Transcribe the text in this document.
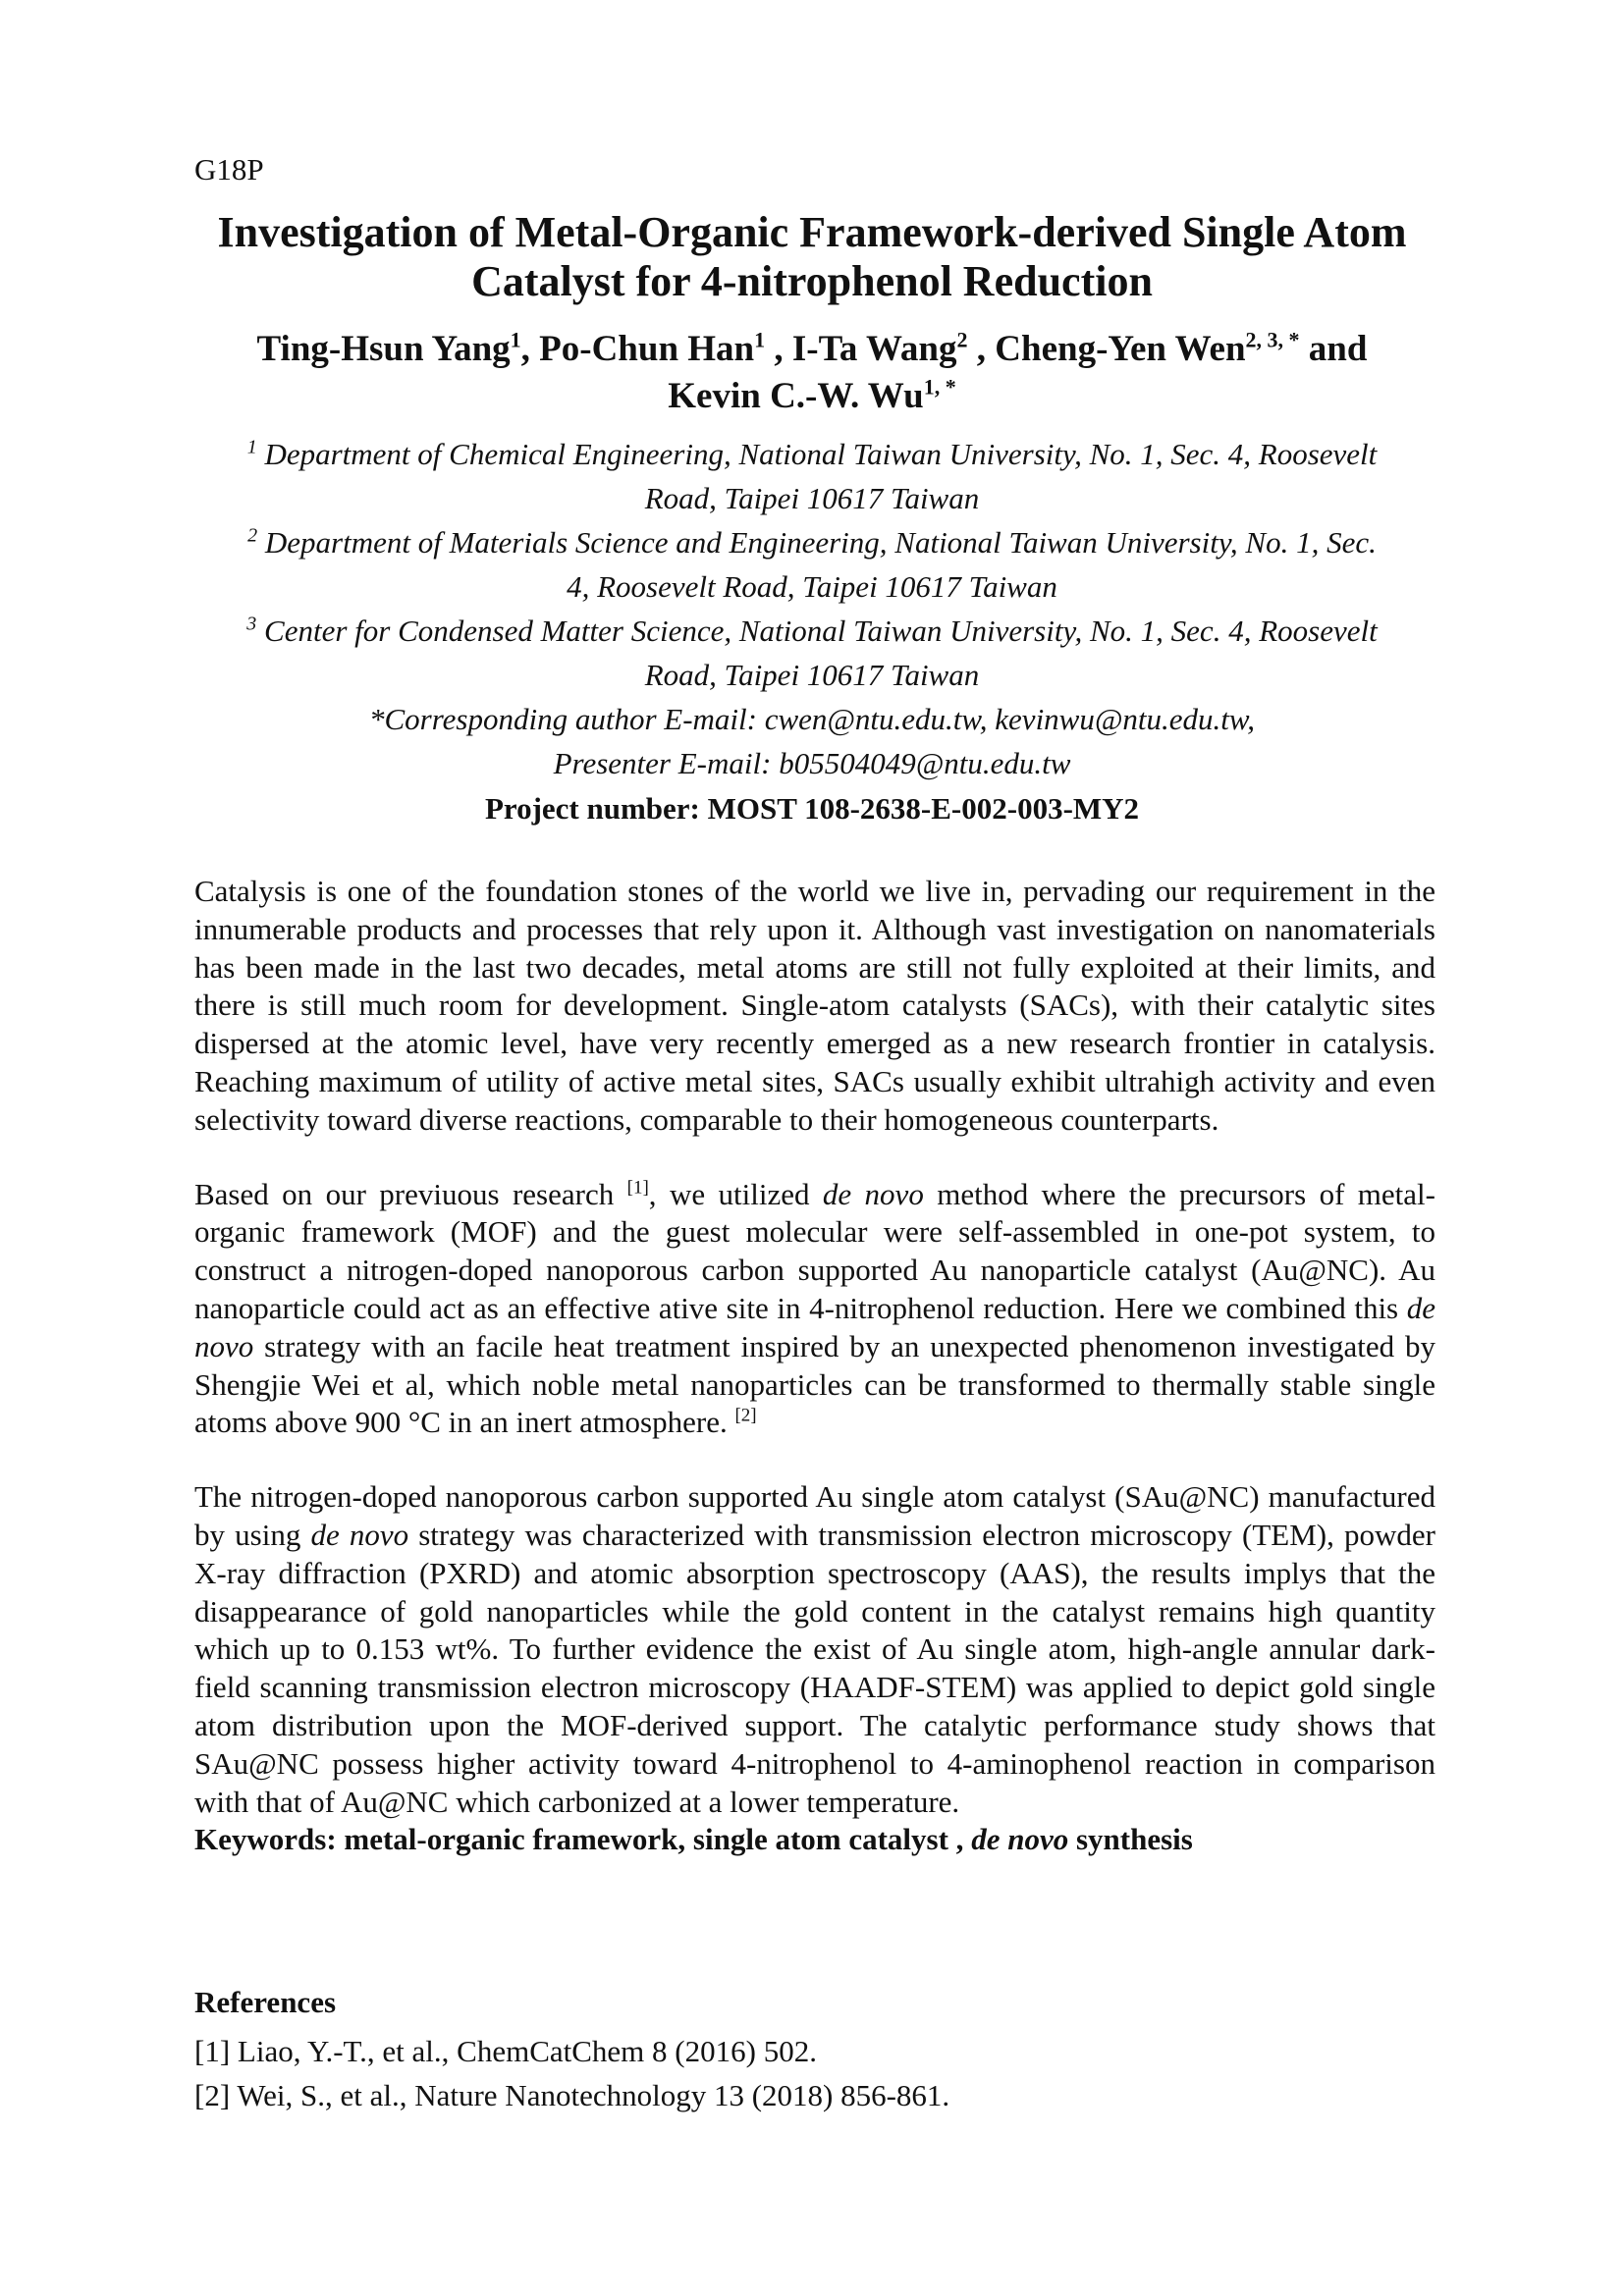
G18P
Investigation of Metal-Organic Framework-derived Single Atom
Catalyst for 4-nitrophenol Reduction
Ting-Hsun Yang$^1$, Po-Chun Han$^1$ , I-Ta Wang$^2$ , Cheng-Yen Wen$^{2, 3, *}$ and
Kevin C.-W. $Wu^{1, *}$
$^1$ Department of Chemical Engineering, National Taiwan University, No. 1, Sec. 4, Roosevelt
Road, Taipei 10617 Taiwan
$^2$ Department of Materials Science and Engineering, National Taiwan University, No. 1, Sec.
4, Roosevelt Road, Taipei 10617 Taiwan
$^3$ Center for Condensed Matter Science, National Taiwan University, No. 1, Sec. 4, Roosevelt
Road, Taipei 10617 Taiwan
*Corresponding author E-mail: cwen@ntu.edu.tw, kevinwu@ntu.edu.tw,
Presenter E-mail: b05504049@ntu.edu.tw
Project number: MOST 108-2638-E-002-003-MY2

Catalysis is one of the foundation stones of the world we live in, pervading our requirement in the innumerable products and processes that rely upon it. Although vast investigation on nanomaterials has been made in the last two decades, metal atoms are still not fully exploited at their limits, and there is still much room for development. Single-atom catalysts (SACs), with their catalytic sites dispersed at the atomic level, have very recently emerged as a new research frontier in catalysis. Reaching maximum of utility of active metal sites, SACs usually exhibit ultrahigh activity and even selectivity toward diverse reactions, comparable to their homogeneous counterparts.

Based on our previuous research [1], we utilized de novo method where the precursors of metal-organic framework (MOF) and the guest molecular were self-assembled in one-pot system, to construct a nitrogen-doped nanoporous carbon supported Au nanoparticle catalyst (Au@NC). Au nanoparticle could act as an effective ative site in 4-nitrophenol reduction. Here we combined this de novo strategy with an facile heat treatment inspired by an unexpected phenomenon investigated by Shengjie Wei et al, which noble metal nanoparticles can be transformed to thermally stable single atoms above 900 °C in an inert atmosphere. [2]

The nitrogen-doped nanoporous carbon supported Au single atom catalyst (SAu@NC) manufactured by using de novo strategy was characterized with transmission electron microscopy (TEM), powder X-ray diffraction (PXRD) and atomic absorption spectroscopy (AAS), the results implys that the disappearance of gold nanoparticles while the gold content in the catalyst remains high quantity which up to 0.153 wt%. To further evidence the exist of Au single atom, high-angle annular dark-field scanning transmission electron microscopy (HAADF-STEM) was applied to depict gold single atom distribution upon the MOF-derived support. The catalytic performance study shows that SAu@NC possess higher activity toward 4-nitrophenol to 4-aminophenol reaction in comparison with that of Au@NC which carbonized at a lower temperature.
Keywords: metal-organic framework, single atom catalyst , de novo synthesis
References
[1] Liao, Y.-T., et al., ChemCatChem 8 (2016) 502.
[2] Wei, S., et al., Nature Nanotechnology 13 (2018) 856-861.
